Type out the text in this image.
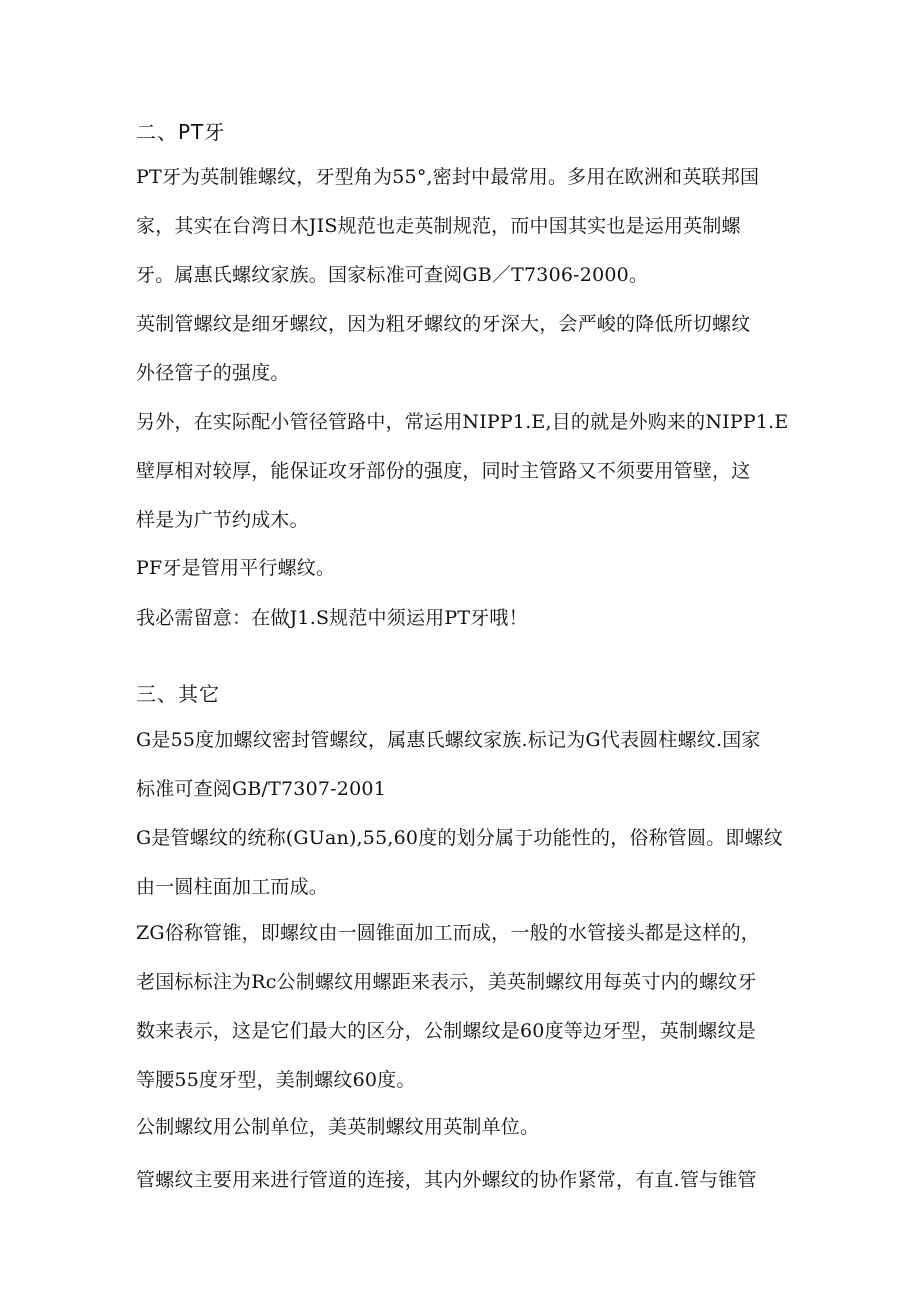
二、PT牙
PT牙为英制锥螺纹，牙型角为55°,密封中最常用。多用在欧洲和英联邦国
家，其实在台湾日木JIS规范也走英制规范，而中国其实也是运用英制螺
牙。属惠氏螺纹家族。国家标准可查阅GB／T7306-2000。
英制管螺纹是细牙螺纹，因为粗牙螺纹的牙深大，会严峻的降低所切螺纹
外径管子的强度。
另外，在实际配小管径管路中，常运用NIPP1.E,目的就是外购来的NIPP1.E
壁厚相对较厚，能保证攻牙部份的强度，同时主管路又不须要用管壁，这
样是为广节约成木。
PF牙是管用平行螺纹。
我必需留意：在做J1.S规范中须运用PT牙哦！
三、其它
G是55度加螺纹密封管螺纹，属惠氏螺纹家族.标记为G代表圆柱螺纹.国家
标准可查阅GB/T7307-2001
G是管螺纹的统称(GUan),55,60度的划分属于功能性的，俗称管圆。即螺纹
由一圆柱面加工而成。
ZG俗称管锥，即螺纹由一圆锥面加工而成，一般的水管接头都是这样的，
老国标标注为Rc公制螺纹用螺距来表示，美英制螺纹用每英寸内的螺纹牙
数来表示，这是它们最大的区分，公制螺纹是60度等边牙型，英制螺纹是
等腰55度牙型，美制螺纹60度。
公制螺纹用公制单位，美英制螺纹用英制单位。
管螺纹主要用来进行管道的连接，其内外螺纹的协作紧常，有直.管与锥管
